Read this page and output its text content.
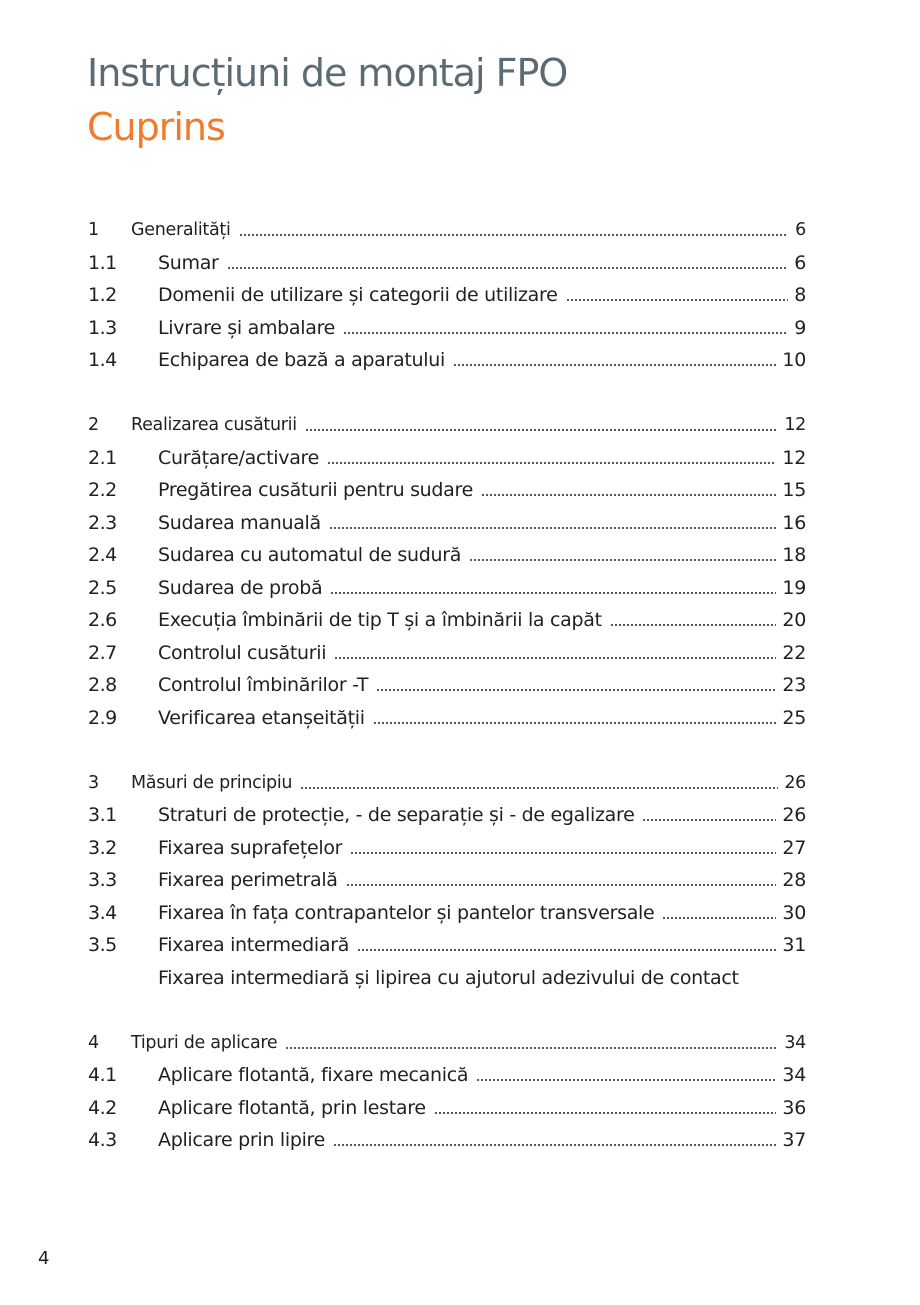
Instrucțiuni de montaj FPO
Cuprins
1	Generalități	6
1.1	Sumar	6
1.2	Domenii de utilizare și categorii de utilizare	8
1.3	Livrare și ambalare	9
1.4	Echiparea de bază a aparatului	10
2	Realizarea cusăturii	12
2.1	Curățare/activare	12
2.2	Pregătirea cusăturii pentru sudare	15
2.3	Sudarea manuală	16
2.4	Sudarea cu automatul de sudură	18
2.5	Sudarea de probă	19
2.6	Execuția îmbinării de tip T și a îmbinării la capăt	20
2.7	Controlul cusăturii	22
2.8	Controlul îmbinărilor -T	23
2.9	Verificarea etanșeității	25
3	Măsuri de principiu	26
3.1	Straturi de protecție, - de separație și - de egalizare	26
3.2	Fixarea suprafețelor	27
3.3	Fixarea perimetrală	28
3.4	Fixarea în fața contrapantelor și pantelor transversale	30
3.5	Fixarea intermediară	31
Fixarea intermediară și lipirea cu ajutorul adezivului de contact
4	Tipuri de aplicare	34
4.1	Aplicare flotantă, fixare mecanică	34
4.2	Aplicare flotantă, prin lestare	36
4.3	Aplicare prin lipire	37
4
